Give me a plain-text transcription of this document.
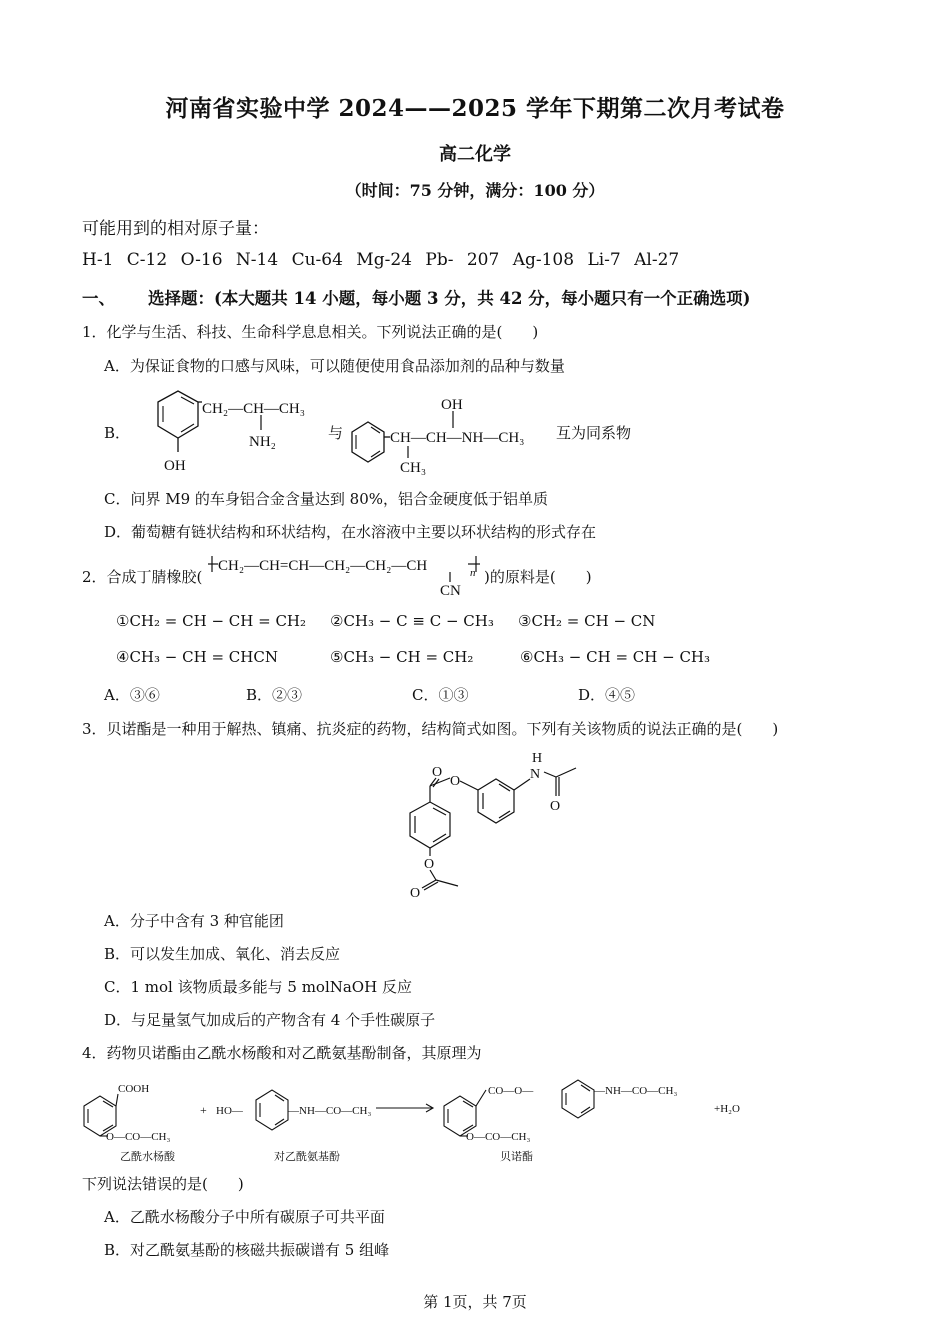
河南省实验中学 2024——2025 学年下期第二次月考试卷
高二化学
（时间：75 分钟，满分：100 分）
可能用到的相对原子量：
H-1 C-12 O-16 N-14 Cu-64 Mg-24 Pb- 207 Ag-108 Li-7 Al-27
一、 选择题：(本大题共 14 小题，每小题 3 分，共 42 分，每小题只有一个正确选项)
1．化学与生活、科技、生命科学息息相关。下列说法正确的是(　　)
A．为保证食物的口感与风味，可以随便使用食品添加剂的品种与数量
B．
CH₂—CH—CH₃
NH₂
OH
与
OH
CH—CH—NH—CH₃
CH₃
互为同系物
C．问界 M9 的车身铝合金含量达到 80%，铝合金硬度低于铝单质
D．葡萄糖有链状结构和环状结构，在水溶液中主要以环状结构的形式存在
2．合成丁腈橡胶(
CH₂—CH=CH—CH₂—CH₂—CH	n
CN
)的原料是(　　)
①CH₂ = CH − CH = CH₂ ②CH₃ − C ≡ C − CH₃ ③CH₂ = CH − CN
④CH₃ − CH = CHCN	⑤CH₃ − CH = CH₂	⑥CH₃ − CH = CH − CH₃
A．③⑥	B．②③	C．①③	D．④⑤
3．贝诺酯是一种用于解热、镇痛、抗炎症的药物，结构简式如图。下列有关该物质的说法正确的是(　　)
H
N
O
O
O
O
O
A．分子中含有 3 种官能团
B．可以发生加成、氧化、消去反应
C．1 mol 该物质最多能与 5 molNaOH 反应
D．与足量氢气加成后的产物含有 4 个手性碳原子
4．药物贝诺酯由乙酰水杨酸和对乙酰氨基酚制备，其原理为
COOH
O—CO—CH₃
+ HO—	—NH—CO—CH₃
CO—O—	—NH—CO—CH₃
O—CO—CH₃
+H₂O
乙酰水杨酸	对乙酰氨基酚	贝诺酯
下列说法错误的是(　　)
A．乙酰水杨酸分子中所有碳原子可共平面
B．对乙酰氨基酚的核磁共振碳谱有 5 组峰
第 1页，共 7页
